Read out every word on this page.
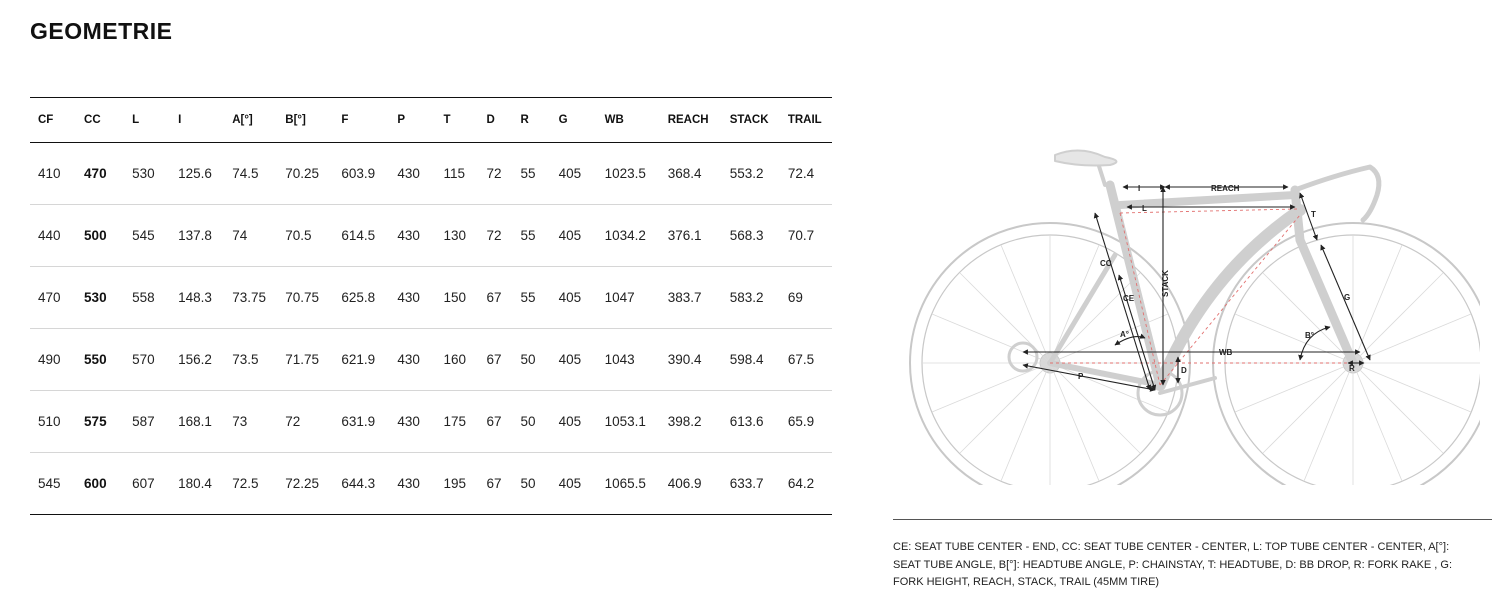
GEOMETRIE
CF	CC	L	I	A[°]	B[°]	F	P	T	D	R	G	WB	REACH	STACK	TRAIL
410	470	530	125.6	74.5	70.25	603.9	430	115	72	55	405	1023.5	368.4	553.2	72.4
440	500	545	137.8	74	70.5	614.5	430	130	72	55	405	1034.2	376.1	568.3	70.7
470	530	558	148.3	73.75	70.75	625.8	430	150	67	55	405	1047	383.7	583.2	69
490	550	570	156.2	73.5	71.75	621.9	430	160	67	50	405	1043	390.4	598.4	67.5
510	575	587	168.1	73	72	631.9	430	175	67	50	405	1053.1	398.2	613.6	65.9
545	600	607	180.4	72.5	72.25	644.3	430	195	67	50	405	1065.5	406.9	633.7	64.2
I	REACH
L
T
CC
CE
STACK
G
A°	B°
WB
D
P
R

CE: SEAT TUBE CENTER - END, CC: SEAT TUBE CENTER - CENTER, L: TOP TUBE CENTER - CENTER, A[°]: SEAT TUBE ANGLE, B[°]: HEADTUBE ANGLE, P: CHAINSTAY, T: HEADTUBE, D: BB DROP, R: FORK RAKE , G: FORK HEIGHT, REACH, STACK, TRAIL (45MM TIRE)
